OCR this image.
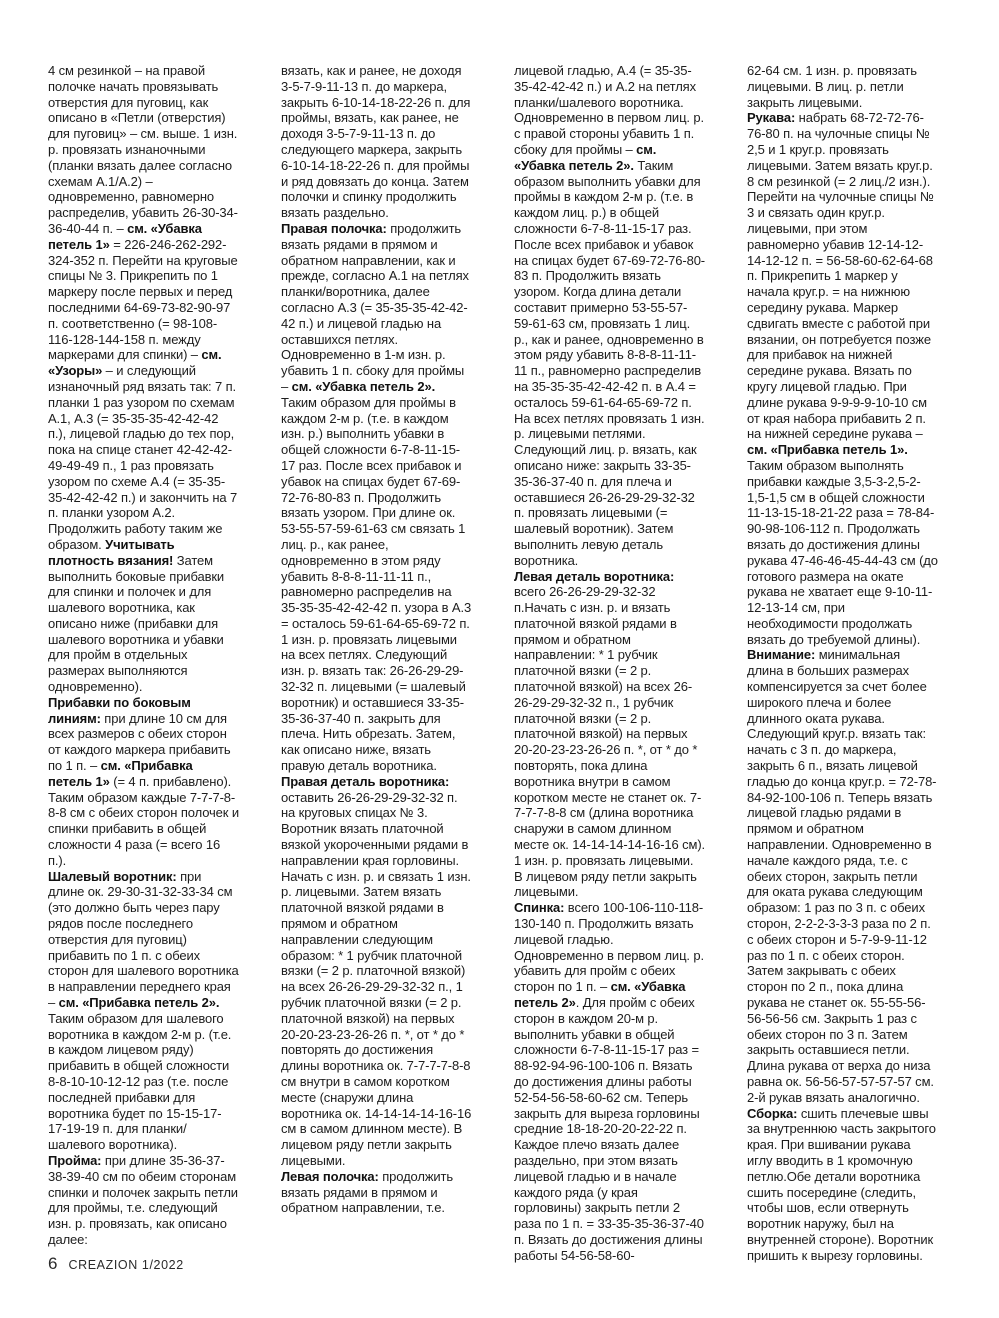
4 см резинкой – на правой полочке начать провязывать отверстия для пуговиц, как описано в «Петли (отверстия) для пуговиц» – см. выше. 1 изн. р. провязать изнаночными (планки вязать далее согласно схемам А.1/А.2) – одновременно, равномерно распределив, убавить 26-30-34-36-40-44 п. – см. «Убавка петель 1» = 226-246-262-292-324-352 п. Перейти на круговые спицы № 3. Прикрепить по 1 маркеру после первых и перед последними 64-69-73-82-90-97 п. соответственно (= 98-108-116-128-144-158 п. между маркерами для спинки) – см. «Узоры» – и следующий изнаночный ряд вязать так: 7 п. планки 1 раз узором по схемам А.1, А.3 (= 35-35-35-42-42-42 п.), лицевой гладью до тех пор, пока на спице станет 42-42-42-49-49-49 п., 1 раз провязать узором по схеме А.4 (= 35-35-35-42-42-42 п.) и закончить на 7 п. планки узором А.2. Продолжить работу таким же образом. Учитывать плотность вязания! Затем выполнить боковые прибавки для спинки и полочек и для шалевого воротника, как описано ниже (прибавки для шалевого воротника и убавки для пройм в отдельных размерах выполняются одновременно).

Прибавки по боковым линиям: при длине 10 см для всех размеров с обеих сторон от каждого маркера прибавить по 1 п. – см. «Прибавка петель 1» (= 4 п. прибавлено). Таким образом каждые 7-7-7-8-8-8 см с обеих сторон полочек и спинки прибавить в общей сложности 4 раза (= всего 16 п.).

Шалевый воротник: при длине ок. 29-30-31-32-33-34 см (это должно быть через пару рядов после последнего отверстия для пуговиц) прибавить по 1 п. с обеих сторон для шалевого воротника в направлении переднего края – см. «Прибавка петель 2». Таким образом для шалевого воротника в каждом 2-м р. (т.е. в каждом лицевом ряду) прибавить в общей сложности 8-8-10-10-12-12 раз (т.е. после последней прибавки для воротника будет по 15-15-17-17-19-19 п. для планки/шалевого воротника).

Пройма: при длине 35-36-37-38-39-40 см по обеим сторонам спинки и полочек закрыть петли для проймы, т.е. следующий изн. р. провязать, как описано далее:

вязать, как и ранее, не доходя 3-5-7-9-11-13 п. до маркера, закрыть 6-10-14-18-22-26 п. для проймы, вязать, как ранее, не доходя 3-5-7-9-11-13 п. до следующего маркера, закрыть 6-10-14-18-22-26 п. для проймы и ряд довязать до конца. Затем полочки и спинку продолжить вязать раздельно.

Правая полочка: продолжить вязать рядами в прямом и обратном направлении, как и прежде, согласно А.1 на петлях планки/воротника, далее согласно А.3 (= 35-35-35-42-42-42 п.) и лицевой гладью на оставшихся петлях. Одновременно в 1-м изн. р. убавить 1 п. сбоку для проймы – см. «Убавка петель 2». Таким образом для проймы в каждом 2-м р. (т.е. в каждом изн. р.) выполнить убавки в общей сложности 6-7-8-11-15-17 раз. После всех прибавок и убавок на спицах будет 67-69-72-76-80-83 п. Продолжить вязать узором. При длине ок. 53-55-57-59-61-63 см связать 1 лиц. р., как ранее, одновременно в этом ряду убавить 8-8-8-11-11-11 п., равномерно распределив на 35-35-35-42-42-42 п. узора в А.3 = осталось 59-61-64-65-69-72 п. 1 изн. р. провязать лицевыми на всех петлях. Следующий изн. р. вязать так: 26-26-29-29-32-32 п. лицевыми (= шалевый воротник) и оставшиеся 33-35-35-36-37-40 п. закрыть для плеча. Нить обрезать. Затем, как описано ниже, вязать правую деталь воротника.

Правая деталь воротника: оставить 26-26-29-29-32-32 п. на круговых спицах № 3. Воротник вязать платочной вязкой укороченными рядами в направлении края горловины. Начать с изн. р. и связать 1 изн. р. лицевыми. Затем вязать платочной вязкой рядами в прямом и обратном направлении следующим образом: * 1 рубчик платочной вязки (= 2 р. платочной вязкой) на всех 26-26-29-29-32-32 п., 1 рубчик платочной вязки (= 2 р. платочной вязкой) на первых 20-20-23-23-26-26 п. *, от * до * повторять до достижения длины воротника ок. 7-7-7-7-8-8 см внутри в самом коротком месте (снаружи длина воротника ок. 14-14-14-14-16-16 см в самом длинном месте). В лицевом ряду петли закрыть лицевыми.

Левая полочка: продолжить вязать рядами в прямом и обратном направлении, т.е.

лицевой гладью, А.4 (= 35-35-35-42-42-42 п.) и А.2 на петлях планки/шалевого воротника. Одновременно в первом лиц. р. с правой стороны убавить 1 п. сбоку для проймы – см. «Убавка петель 2». Таким образом выполнить убавки для проймы в каждом 2-м р. (т.е. в каждом лиц. р.) в общей сложности 6-7-8-11-15-17 раз. После всех прибавок и убавок на спицах будет 67-69-72-76-80-83 п. Продолжить вязать узором. Когда длина детали составит примерно 53-55-57-59-61-63 см, провязать 1 лиц. р., как и ранее, одновременно в этом ряду убавить 8-8-8-11-11-11 п., равномерно распределив на 35-35-35-42-42-42 п. в А.4 = осталось 59-61-64-65-69-72 п. На всех петлях провязать 1 изн. р. лицевыми петлями. Следующий лиц. р. вязать, как описано ниже: закрыть 33-35-35-36-37-40 п. для плеча и оставшиеся 26-26-29-29-32-32 п. провязать лицевыми (= шалевый воротник). Затем выполнить левую деталь воротника.

Левая деталь воротника: всего 26-26-29-29-32-32 п.Начать с изн. р. и вязать платочной вязкой рядами в прямом и обратном направлении: * 1 рубчик платочной вязки (= 2 р. платочной вязкой) на всех 26-26-29-29-32-32 п., 1 рубчик платочной вязки (= 2 р. платочной вязкой) на первых 20-20-23-23-26-26 п. *, от * до * повторять, пока длина воротника внутри в самом коротком месте не станет ок. 7-7-7-7-8-8 см (длина воротника снаружи в самом длинном месте ок. 14-14-14-14-16-16 см). 1 изн. р. провязать лицевыми. В лицевом ряду петли закрыть лицевыми.

Спинка: всего 100-106-110-118-130-140 п. Продолжить вязать лицевой гладью. Одновременно в первом лиц. р. убавить для пройм с обеих сторон по 1 п. – см. «Убавка петель 2». Для пройм с обеих сторон в каждом 20-м р. выполнить убавки в общей сложности 6-7-8-11-15-17 раз = 88-92-94-96-100-106 п. Вязать до достижения длины работы 52-54-56-58-60-62 см. Теперь закрыть для выреза горловины средние 18-18-20-20-22-22 п. Каждое плечо вязать далее раздельно, при этом вязать лицевой гладью и в начале каждого ряда (у края горловины) закрыть петли 2 раза по 1 п. = 33-35-35-36-37-40 п. Вязать до достижения длины работы 54-56-58-60-

62-64 см. 1 изн. р. провязать лицевыми. В лиц. р. петли закрыть лицевыми.

Рукава: набрать 68-72-72-76-76-80 п. на чулочные спицы № 2,5 и 1 круг.р. провязать лицевыми. Затем вязать круг.р. 8 см резинкой (= 2 лиц./2 изн.). Перейти на чулочные спицы № 3 и связать один круг.р. лицевыми, при этом равномерно убавив 12-14-12-14-12-12 п. = 56-58-60-62-64-68 п. Прикрепить 1 маркер у начала круг.р. = на нижнюю середину рукава. Маркер сдвигать вместе с работой при вязании, он потребуется позже для прибавок на нижней середине рукава. Вязать по кругу лицевой гладью. При длине рукава 9-9-9-9-10-10 см от края набора прибавить 2 п. на нижней середине рукава – см. «Прибавка петель 1». Таким образом выполнять прибавки каждые 3,5-3-2,5-2-1,5-1,5 см в общей сложности 11-13-15-18-21-22 раза = 78-84-90-98-106-112 п. Продолжать вязать до достижения длины рукава 47-46-46-45-44-43 см (до готового размера на окате рукава не хватает еще 9-10-11-12-13-14 см, при необходимости продолжать вязать до требуемой длины). Внимание: минимальная длина в больших размерах компенсируется за счет более широкого плеча и более длинного оката рукава. Следующий круг.р. вязать так: начать с 3 п. до маркера, закрыть 6 п., вязать лицевой гладью до конца круг.р. = 72-78-84-92-100-106 п. Теперь вязать лицевой гладью рядами в прямом и обратном направлении. Одновременно в начале каждого ряда, т.е. с обеих сторон, закрыть петли для оката рукава следующим образом: 1 раз по 3 п. с обеих сторон, 2-2-2-3-3-3 раза по 2 п. с обеих сторон и 5-7-9-9-11-12 раз по 1 п. с обеих сторон. Затем закрывать с обеих сторон по 2 п., пока длина рукава не станет ок. 55-55-56-56-56-56 см. Закрыть 1 раз с обеих сторон по 3 п. Затем закрыть оставшиеся петли. Длина рукава от верха до низа равна ок. 56-56-57-57-57-57 см. 2-й рукав вязать аналогично.

Сборка: сшить плечевые швы за внутреннюю часть закрытого края. При вшивании рукава иглу вводить в 1 кромочную петлю.Обе детали воротника сшить посередине (следить, чтобы шов, если отвернуть воротник наружу, был на внутренней стороне). Воротник пришить к вырезу горловины.

6 CREAZION 1/2022
